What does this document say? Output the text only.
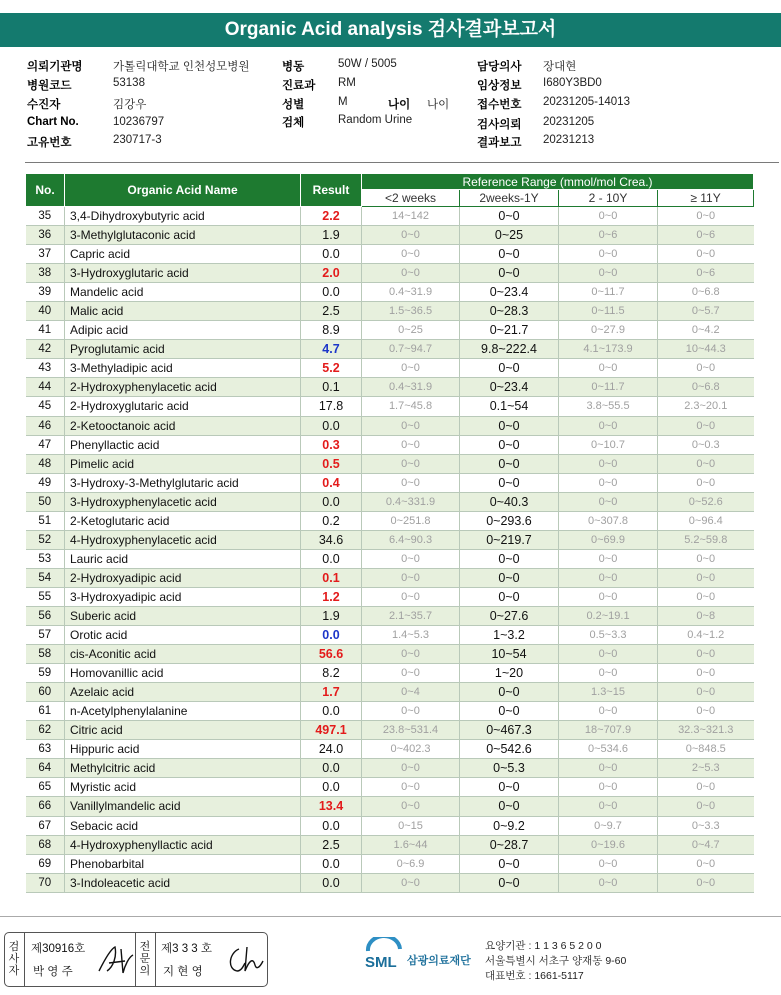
Organic Acid analysis 검사결과보고서
의뢰기관명	가톨릭대학교 인천성모병원
병원코드	53138
수진자	김강우
Chart No.	10236797
고유번호	230717-3
병동	50W / 5005
진료과 RM
성별	M	나이 나이
검체	Random Urine
담당의사 장대현
임상정보 I680Y3BD0
접수번호 20231205-14013
검사의뢰 20231205
결과보고 20231213
No.	Organic Acid Name	Result	Reference Range (mmol/mol Crea.)			
			<2 weeks	2weeks-1Y	2 - 10Y	≥ 11Y
35	3,4-Dihydroxybutyric acid	2.2	14~142	0~0	0~0	0~0
36	3-Methylglutaconic acid	1.9	0~0	0~25	0~6	0~6
37	Capric acid	0.0	0~0	0~0	0~0	0~0
38	3-Hydroxyglutaric acid	2.0	0~0	0~0	0~0	0~6
39	Mandelic acid	0.0	0.4~31.9	0~23.4	0~11.7	0~6.8
40	Malic acid	2.5	1.5~36.5	0~28.3	0~11.5	0~5.7
41	Adipic acid	8.9	0~25	0~21.7	0~27.9	0~4.2
42	Pyroglutamic acid	4.7	0.7~94.7	9.8~222.4	4.1~173.9	10~44.3
43	3-Methyladipic acid	5.2	0~0	0~0	0~0	0~0
44	2-Hydroxyphenylacetic acid	0.1	0.4~31.9	0~23.4	0~11.7	0~6.8
45	2-Hydroxyglutaric acid	17.8	1.7~45.8	0.1~54	3.8~55.5	2.3~20.1
46	2-Ketooctanoic acid	0.0	0~0	0~0	0~0	0~0
47	Phenyllactic acid	0.3	0~0	0~0	0~10.7	0~0.3
48	Pimelic acid	0.5	0~0	0~0	0~0	0~0
49	3-Hydroxy-3-Methylglutaric acid	0.4	0~0	0~0	0~0	0~0
50	3-Hydroxyphenylacetic acid	0.0	0.4~331.9	0~40.3	0~0	0~52.6
51	2-Ketoglutaric acid	0.2	0~251.8	0~293.6	0~307.8	0~96.4
52	4-Hydroxyphenylacetic acid	34.6	6.4~90.3	0~219.7	0~69.9	5.2~59.8
53	Lauric acid	0.0	0~0	0~0	0~0	0~0
54	2-Hydroxyadipic acid	0.1	0~0	0~0	0~0	0~0
55	3-Hydroxyadipic acid	1.2	0~0	0~0	0~0	0~0
56	Suberic acid	1.9	2.1~35.7	0~27.6	0.2~19.1	0~8
57	Orotic acid	0.0	1.4~5.3	1~3.2	0.5~3.3	0.4~1.2
58	cis-Aconitic acid	56.6	0~0	10~54	0~0	0~0
59	Homovanillic acid	8.2	0~0	1~20	0~0	0~0
60	Azelaic acid	1.7	0~4	0~0	1.3~15	0~0
61	n-Acetylphenylalanine	0.0	0~0	0~0	0~0	0~0
62	Citric acid	497.1	23.8~531.4	0~467.3	18~707.9	32.3~321.3
63	Hippuric acid	24.0	0~402.3	0~542.6	0~534.6	0~848.5
64	Methylcitric acid	0.0	0~0	0~5.3	0~0	2~5.3
65	Myristic acid	0.0	0~0	0~0	0~0	0~0
66	Vanillylmandelic acid	13.4	0~0	0~0	0~0	0~0
67	Sebacic acid	0.0	0~15	0~9.2	0~9.7	0~3.3
68	4-Hydroxyphenyllactic acid	2.5	1.6~44	0~28.7	0~19.6	0~4.7
69	Phenobarbital	0.0	0~6.9	0~0	0~0	0~0
70	3-Indoleacetic acid	0.0	0~0	0~0	0~0	0~0
검
사
자
제30916호
박 영 주
전
문
의
제3 3 3 호
지 현 영
SML 삼광의료재단
요양기관 : 1 1 3 6 5 2 0 0
서울특별시 서초구 양재동 9-60
대표번호 : 1661-5117
